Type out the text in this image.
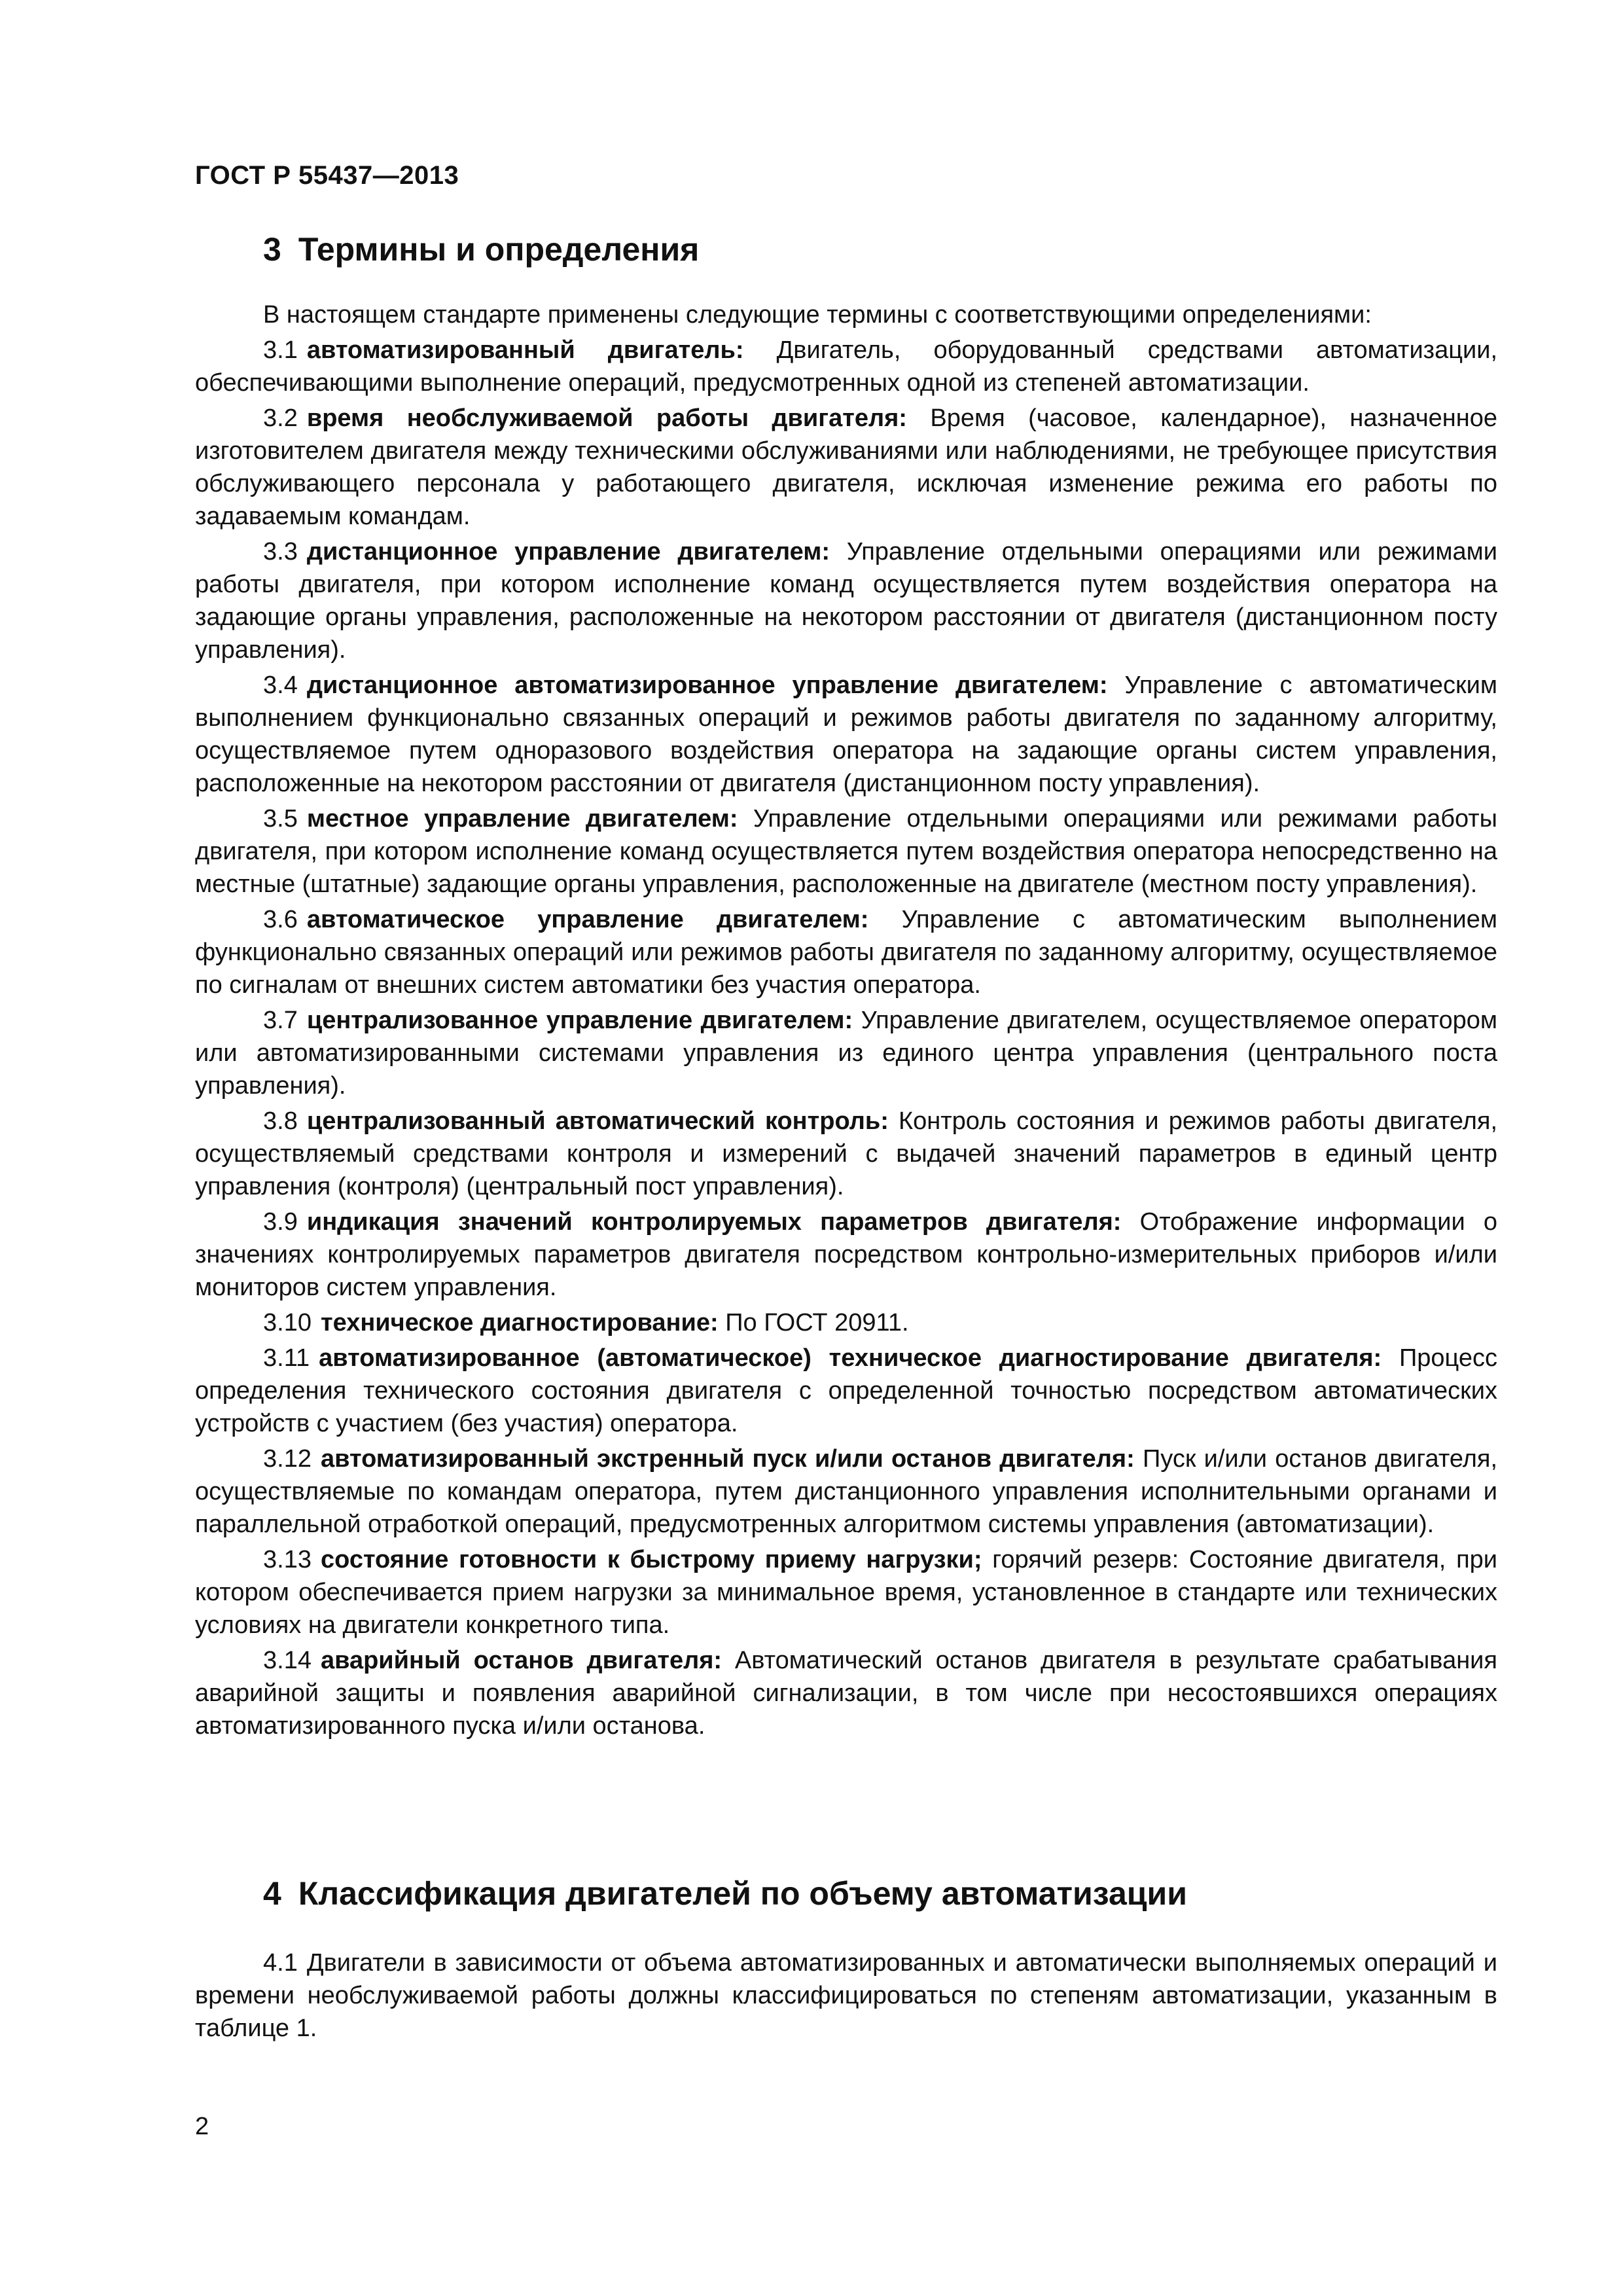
ГОСТ Р 55437—2013
3 Термины и определения

В настоящем стандарте применены следующие термины с соответствующими определениями:

3.1 автоматизированный двигатель: Двигатель, оборудованный средствами автоматизации, обеспечивающими выполнение операций, предусмотренных одной из степеней автоматизации.

3.2 время необслуживаемой работы двигателя: Время (часовое, календарное), назначенное изготовителем двигателя между техническими обслуживаниями или наблюдениями, не требующее присутствия обслуживающего персонала у работающего двигателя, исключая изменение режима его работы по задаваемым командам.

3.3 дистанционное управление двигателем: Управление отдельными операциями или режимами работы двигателя, при котором исполнение команд осуществляется путем воздействия оператора на задающие органы управления, расположенные на некотором расстоянии от двигателя (дистанционном посту управления).

3.4 дистанционное автоматизированное управление двигателем: Управление с автоматическим выполнением функционально связанных операций и режимов работы двигателя по заданному алгоритму, осуществляемое путем одноразового воздействия оператора на задающие органы систем управления, расположенные на некотором расстоянии от двигателя (дистанционном посту управления).

3.5 местное управление двигателем: Управление отдельными операциями или режимами работы двигателя, при котором исполнение команд осуществляется путем воздействия оператора непосредственно на местные (штатные) задающие органы управления, расположенные на двигателе (местном посту управления).

3.6 автоматическое управление двигателем: Управление с автоматическим выполнением функционально связанных операций или режимов работы двигателя по заданному алгоритму, осуществляемое по сигналам от внешних систем автоматики без участия оператора.

3.7 централизованное управление двигателем: Управление двигателем, осуществляемое оператором или автоматизированными системами управления из единого центра управления (центрального поста управления).

3.8 централизованный автоматический контроль: Контроль состояния и режимов работы двигателя, осуществляемый средствами контроля и измерений с выдачей значений параметров в единый центр управления (контроля) (центральный пост управления).

3.9 индикация значений контролируемых параметров двигателя: Отображение информации о значениях контролируемых параметров двигателя посредством контрольно-измерительных приборов и/или мониторов систем управления.

3.10 техническое диагностирование: По ГОСТ 20911.

3.11 автоматизированное (автоматическое) техническое диагностирование двигателя: Процесс определения технического состояния двигателя с определенной точностью посредством автоматических устройств с участием (без участия) оператора.

3.12 автоматизированный экстренный пуск и/или останов двигателя: Пуск и/или останов двигателя, осуществляемые по командам оператора, путем дистанционного управления исполнительными органами и параллельной отработкой операций, предусмотренных алгоритмом системы управления (автоматизации).

3.13 состояние готовности к быстрому приему нагрузки; горячий резерв: Состояние двигателя, при котором обеспечивается прием нагрузки за минимальное время, установленное в стандарте или технических условиях на двигатели конкретного типа.

3.14 аварийный останов двигателя: Автоматический останов двигателя в результате срабатывания аварийной защиты и появления аварийной сигнализации, в том числе при несостоявшихся операциях автоматизированного пуска и/или останова.

4 Классификация двигателей по объему автоматизации

4.1 Двигатели в зависимости от объема автоматизированных и автоматически выполняемых операций и времени необслуживаемой работы должны классифицироваться по степеням автоматизации, указанным в таблице 1.

2
